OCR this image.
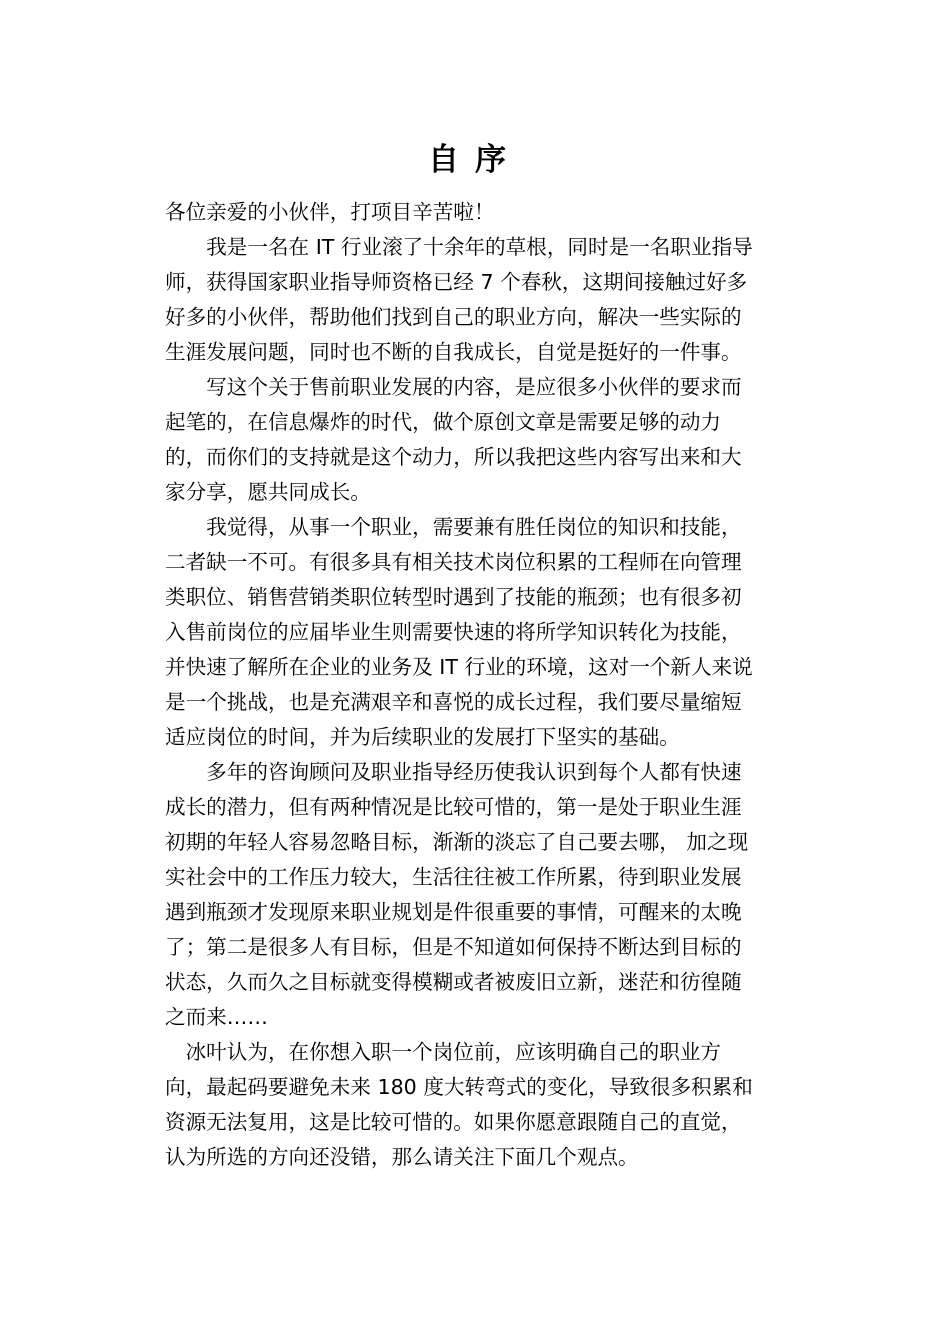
自序
各位亲爱的小伙伴，打项目辛苦啦！
　　我是一名在 IT 行业滚了十余年的草根，同时是一名职业指导
师，获得国家职业指导师资格已经 7 个春秋，这期间接触过好多
好多的小伙伴，帮助他们找到自己的职业方向，解决一些实际的
生涯发展问题，同时也不断的自我成长，自觉是挺好的一件事。
　　写这个关于售前职业发展的内容，是应很多小伙伴的要求而
起笔的，在信息爆炸的时代，做个原创文章是需要足够的动力
的，而你们的支持就是这个动力，所以我把这些内容写出来和大
家分享，愿共同成长。
　　我觉得，从事一个职业，需要兼有胜任岗位的知识和技能，
二者缺一不可。有很多具有相关技术岗位积累的工程师在向管理
类职位、销售营销类职位转型时遇到了技能的瓶颈；也有很多初
入售前岗位的应届毕业生则需要快速的将所学知识转化为技能，
并快速了解所在企业的业务及 IT 行业的环境，这对一个新人来说
是一个挑战，也是充满艰辛和喜悦的成长过程，我们要尽量缩短
适应岗位的时间，并为后续职业的发展打下坚实的基础。
　　多年的咨询顾问及职业指导经历使我认识到每个人都有快速
成长的潜力，但有两种情况是比较可惜的，第一是处于职业生涯
初期的年轻人容易忽略目标，渐渐的淡忘了自己要去哪， 加之现
实社会中的工作压力较大，生活往往被工作所累，待到职业发展
遇到瓶颈才发现原来职业规划是件很重要的事情，可醒来的太晚
了；第二是很多人有目标，但是不知道如何保持不断达到目标的
状态，久而久之目标就变得模糊或者被废旧立新，迷茫和彷徨随
之而来……
　冰叶认为，在你想入职一个岗位前，应该明确自己的职业方
向，最起码要避免未来 180 度大转弯式的变化，导致很多积累和
资源无法复用，这是比较可惜的。如果你愿意跟随自己的直觉，
认为所选的方向还没错，那么请关注下面几个观点。
